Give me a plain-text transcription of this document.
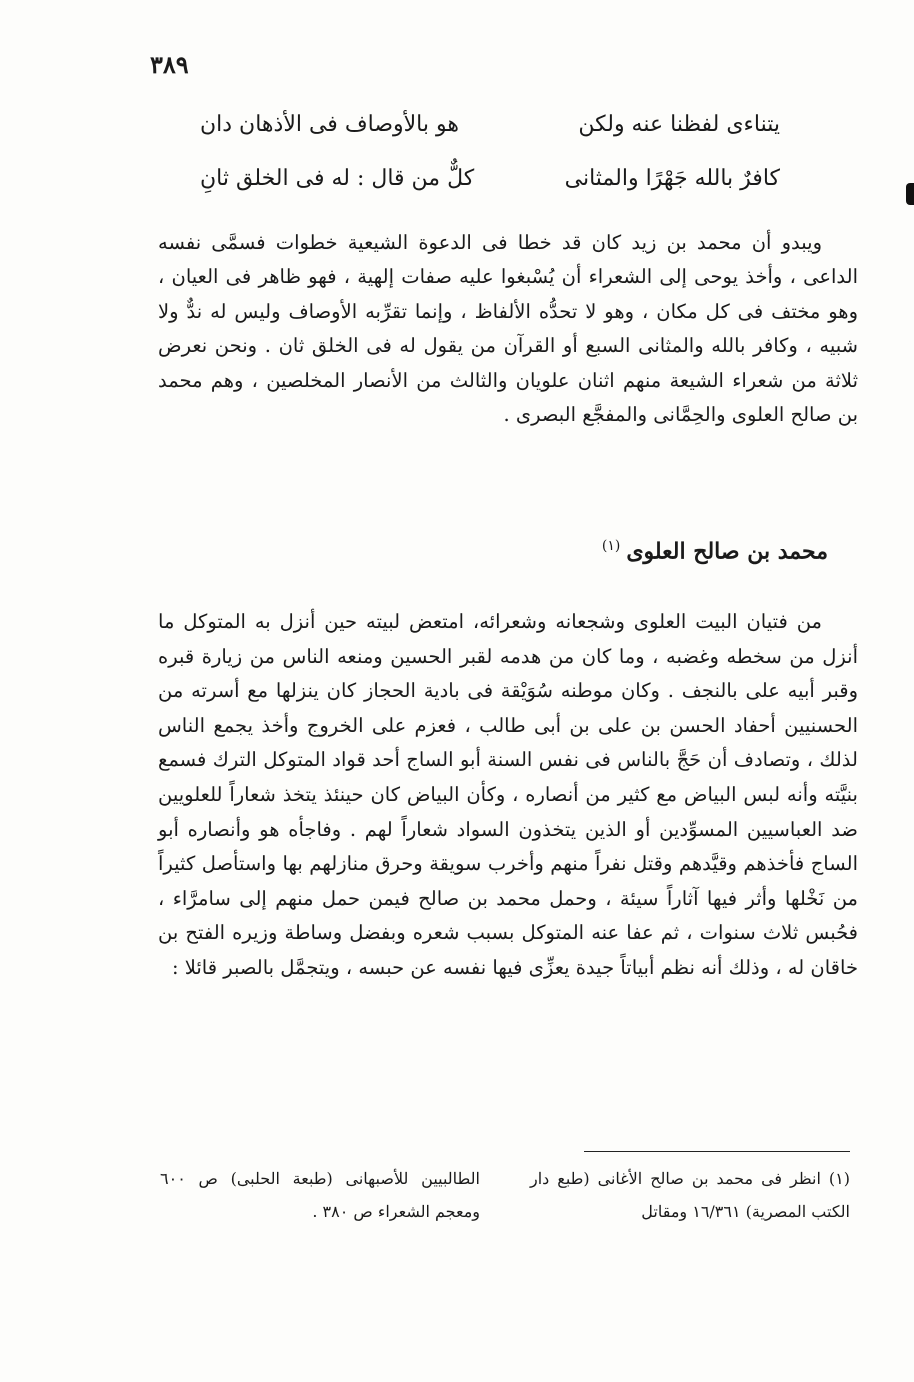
٣٨٩
يتناءى لفظنا عنه ولكن
هو بالأوصاف فى الأذهان دان
كافرٌ بالله جَهْرًا والمثانى
كلٌّ من قال : له فى الخلق ثانِ

ويبدو أن محمد بن زيد كان قد خطا فى الدعوة الشيعية خطوات فسمَّى نفسه الداعى ، وأخذ يوحى إلى الشعراء أن يُسْبغوا عليه صفات إلهية ، فهو ظاهر فى العيان ، وهو مختف فى كل مكان ، وهو لا تحدُّه الألفاظ ، وإنما تقرِّبه الأوصاف وليس له ندٌّ ولا شبيه ، وكافر بالله والمثانى السبع أو القرآن من يقول له فى الخلق ثان . ونحن نعرض ثلاثة من شعراء الشيعة منهم اثنان علويان والثالث من الأنصار المخلصين ، وهم محمد بن صالح العلوى والحِمَّانى والمفجَّع البصرى .

محمد بن صالح العلوى$^{(١)}$

من فتيان البيت العلوى وشجعانه وشعرائه، امتعض لبيته حين أنزل به المتوكل ما أنزل من سخطه وغضبه ، وما كان من هدمه لقبر الحسين ومنعه الناس من زيارة قبره وقبر أبيه على بالنجف . وكان موطنه سُوَيْقة فى بادية الحجاز كان ينزلها مع أسرته من الحسنيين أحفاد الحسن بن على بن أبى طالب ، فعزم على الخروج وأخذ يجمع الناس لذلك ، وتصادف أن حَجَّ بالناس فى نفس السنة أبو الساج أحد قواد المتوكل الترك فسمع بنيَّته وأنه لبس البياض مع كثير من أنصاره ، وكأن البياض كان حينئذ يتخذ شعاراً للعلويين ضد العباسيين المسوِّدين أو الذين يتخذون السواد شعاراً لهم . وفاجأه هو وأنصاره أبو الساج فأخذهم وقيَّدهم وقتل نفراً منهم وأخرب سويقة وحرق منازلهم بها واستأصل كثيراً من نَخْلها وأثر فيها آثاراً سيئة ، وحمل محمد بن صالح فيمن حمل منهم إلى سامرَّاء ، فحُبس ثلاث سنوات ، ثم عفا عنه المتوكل بسبب شعره وبفضل وساطة وزيره الفتح بن خاقان له ، وذلك أنه نظم أبياتاً جيدة يعزِّى فيها نفسه عن حبسه ، ويتجمَّل بالصبر قائلا :

(١) انظر فى محمد بن صالح الأغانى (طبع دار الكتب المصرية) ١٦/٣٦١ ومقاتل
الطالبيين للأصبهانى (طبعة الحلبى) ص ٦٠٠ ومعجم الشعراء ص ٣٨٠ .
